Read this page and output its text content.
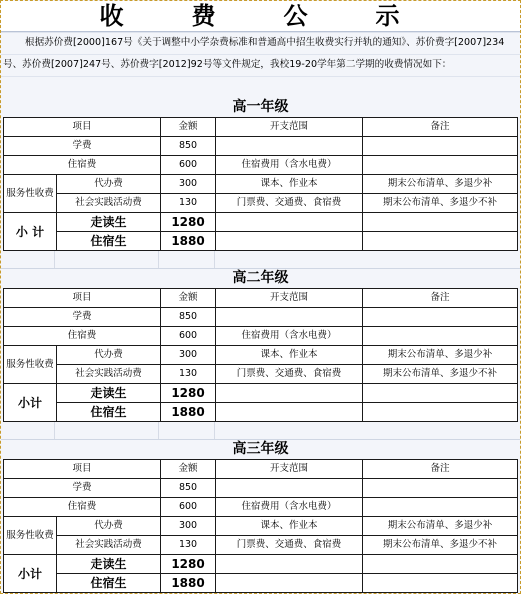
收　费　公　示

根据苏价费[2000]167号《关于调整中小学杂费标准和普通高中招生收费实行并轨的通知》、苏价费字[2007]234号、苏价费[2007]247号、苏价费字[2012]92号等文件规定，我校19-20学年第二学期的收费情况如下：

高一年级
项目		金额	开支范围	备注
学费		850		
住宿费		600	住宿费用（含水电费）	
服务性收费	代办费	300	课本、作业本	期末公布清单、多退少补
	社会实践活动费	130	门票费、交通费、食宿费	期末公布清单、多退少不补
小 计	走读生	1280		
	住宿生	1880		
高二年级
项目		金额	开支范围	备注
学费		850		
住宿费		600	住宿费用（含水电费）	
服务性收费	代办费	300	课本、作业本	期末公布清单、多退少补
	社会实践活动费	130	门票费、交通费、食宿费	期末公布清单、多退少不补
小计	走读生	1280		
	住宿生	1880		
高三年级
项目		金额	开支范围	备注
学费		850		
住宿费		600	住宿费用（含水电费）	
服务性收费	代办费	300	课本、作业本	期末公布清单、多退少补
	社会实践活动费	130	门票费、交通费、食宿费	期末公布清单、多退少不补
小计	走读生	1280		
	住宿生	1880		
